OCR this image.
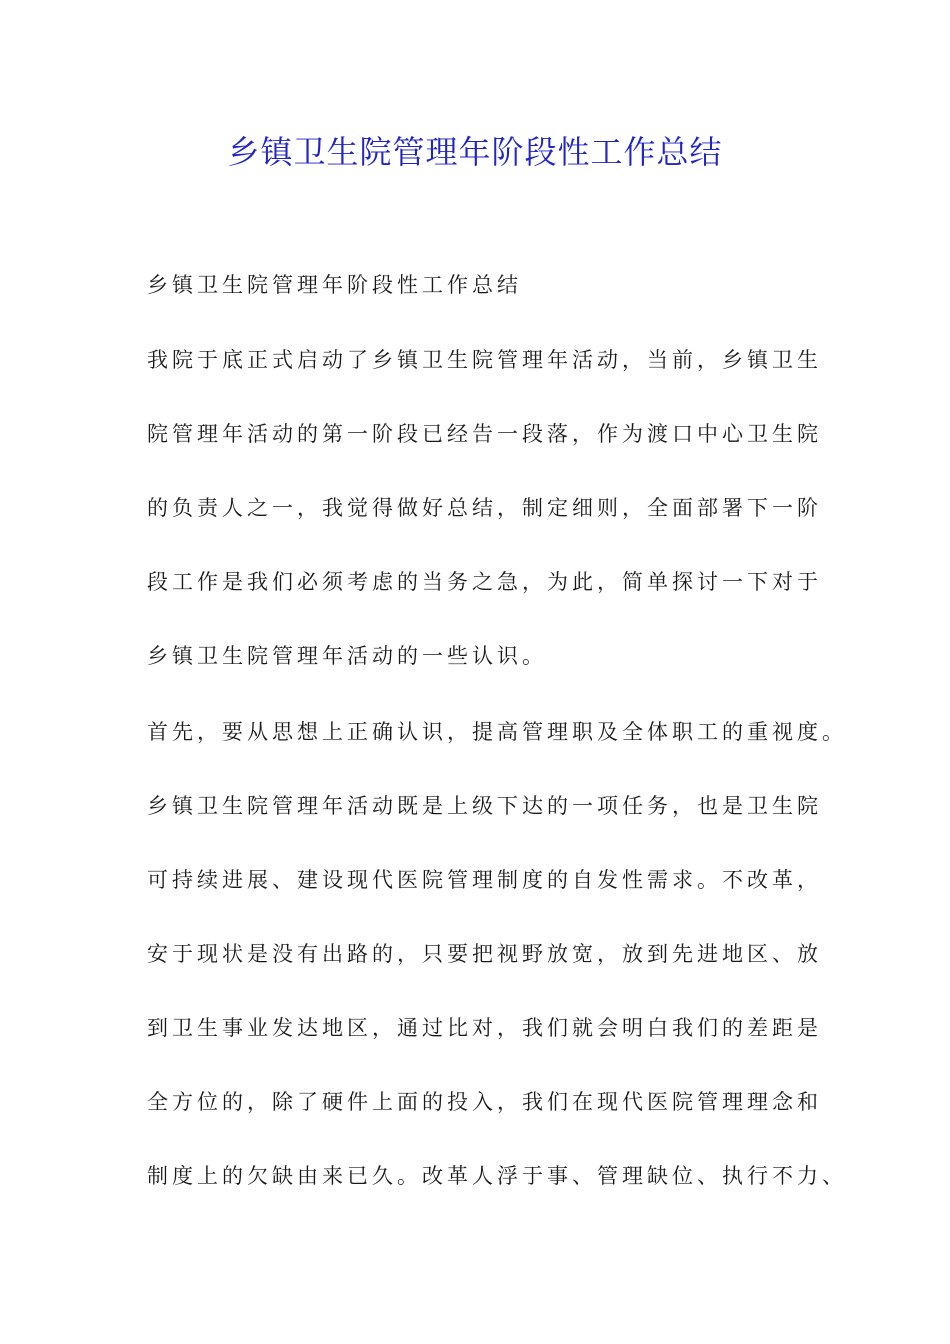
乡镇卫生院管理年阶段性工作总结
乡镇卫生院管理年阶段性工作总结
我院于底正式启动了乡镇卫生院管理年活动，当前，乡镇卫生
院管理年活动的第一阶段已经告一段落，作为渡口中心卫生院
的负责人之一，我觉得做好总结，制定细则，全面部署下一阶
段工作是我们必须考虑的当务之急，为此，简单探讨一下对于
乡镇卫生院管理年活动的一些认识。
首先，要从思想上正确认识，提高管理职及全体职工的重视度。
乡镇卫生院管理年活动既是上级下达的一项任务，也是卫生院
可持续进展、建设现代医院管理制度的自发性需求。不改革，
安于现状是没有出路的，只要把视野放宽，放到先进地区、放
到卫生事业发达地区，通过比对，我们就会明白我们的差距是
全方位的，除了硬件上面的投入，我们在现代医院管理理念和
制度上的欠缺由来已久。改革人浮于事、管理缺位、执行不力、
